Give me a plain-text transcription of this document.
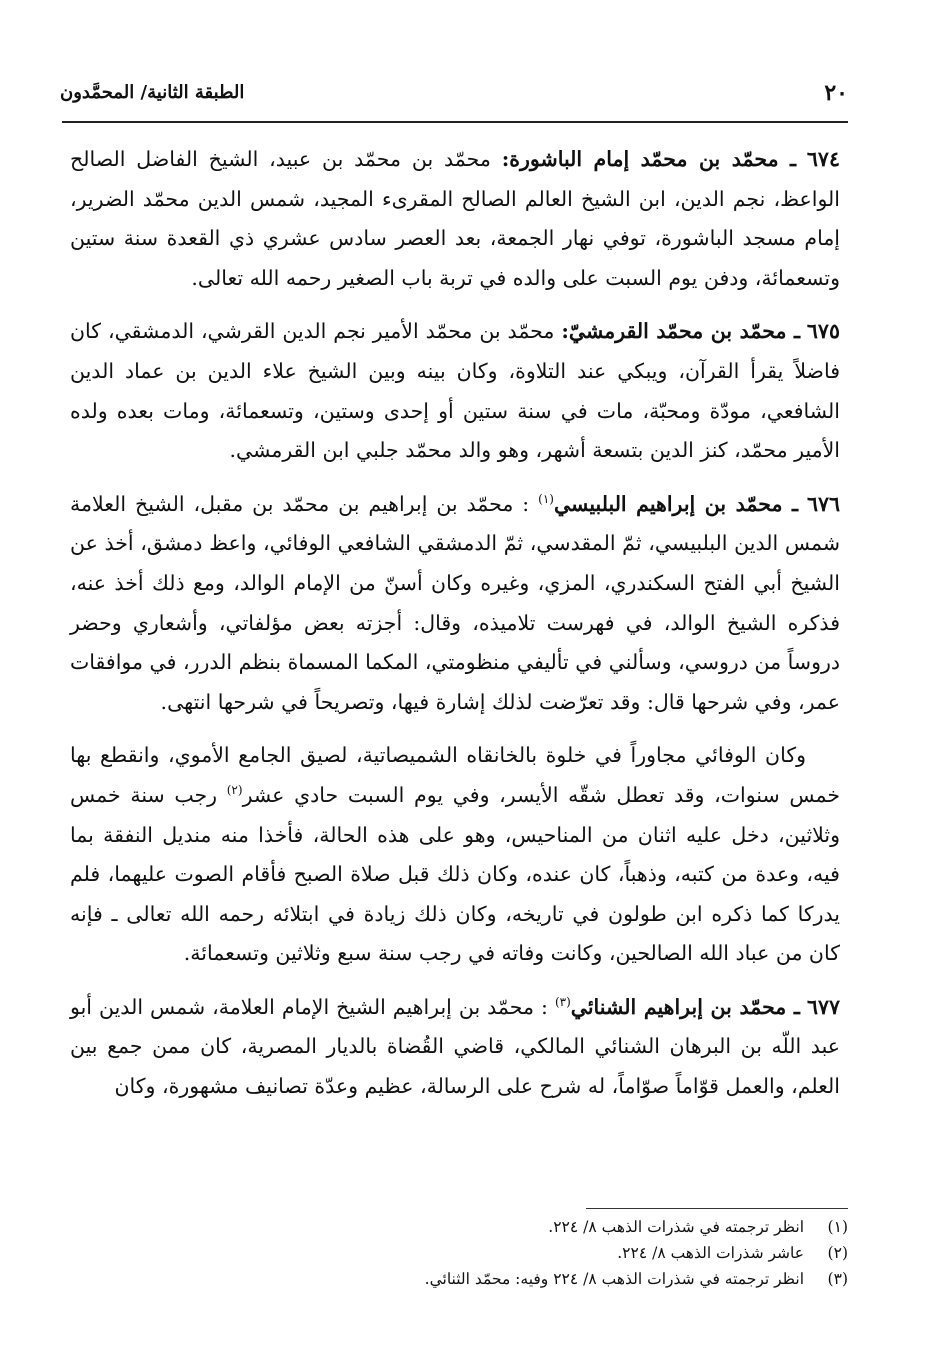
٢٠
الطبقة الثانية/ المحمَّدون

٦٧٤ ـ محمّد بن محمّد إمام الباشورة: محمّد بن محمّد بن عبيد، الشيخ الفاضل الصالح الواعظ، نجم الدين، ابن الشيخ العالم الصالح المقرىء المجيد، شمس الدين محمّد الضرير، إمام مسجد الباشورة، توفي نهار الجمعة، بعد العصر سادس عشري ذي القعدة سنة ستين وتسعمائة، ودفن يوم السبت على والده في تربة باب الصغير رحمه الله تعالى.

٦٧٥ ـ محمّد بن محمّد القرمشيّ: محمّد بن محمّد الأمير نجم الدين القرشي، الدمشقي، كان فاضلاً يقرأ القرآن، ويبكي عند التلاوة، وكان بينه وبين الشيخ علاء الدين بن عماد الدين الشافعي، مودّة ومحبّة، مات في سنة ستين أو إحدى وستين، وتسعمائة، ومات بعده ولده الأمير محمّد، كنز الدين بتسعة أشهر، وهو والد محمّد جلبي ابن القرمشي.

٦٧٦ ـ محمّد بن إبراهيم البلبيسي$^{(١)}$ : محمّد بن إبراهيم بن محمّد بن مقبل، الشيخ العلامة شمس الدين البلبيسي، ثمّ المقدسي، ثمّ الدمشقي الشافعي الوفائي، واعظ دمشق، أخذ عن الشيخ أبي الفتح السكندري، المزي، وغيره وكان أسنّ من الإمام الوالد، ومع ذلك أخذ عنه، فذكره الشيخ الوالد، في فهرست تلاميذه، وقال: أجزته بعض مؤلفاتي، وأشعاري وحضر دروساً من دروسي، وسألني في تأليفي منظومتي، المكما المسماة بنظم الدرر، في موافقات عمر، وفي شرحها قال: وقد تعرّضت لذلك إشارة فيها، وتصريحاً في شرحها انتهى.

وكان الوفائي مجاوراً في خلوة بالخانقاه الشميصاتية، لصيق الجامع الأموي، وانقطع بها خمس سنوات، وقد تعطل شقّه الأيسر، وفي يوم السبت حادي عشر$^{(٢)}$ رجب سنة خمس وثلاثين، دخل عليه اثنان من المناحيس، وهو على هذه الحالة، فأخذا منه منديل النفقة بما فيه، وعدة من كتبه، وذهباً، كان عنده، وكان ذلك قبل صلاة الصبح فأقام الصوت عليهما، فلم يدركا كما ذكره ابن طولون في تاريخه، وكان ذلك زيادة في ابتلائه رحمه الله تعالى ـ فإنه كان من عباد الله الصالحين، وكانت وفاته في رجب سنة سبع وثلاثين وتسعمائة.

٦٧٧ ـ محمّد بن إبراهيم الشنائي$^{(٣)}$ : محمّد بن إبراهيم الشيخ الإمام العلامة، شمس الدين أبو عبد اللّه بن البرهان الشنائي المالكي، قاضي القُضاة بالديار المصرية، كان ممن جمع بين العلم، والعمل قوّاماً صوّاماً، له شرح على الرسالة، عظيم وعدّة تصانيف مشهورة، وكان

(١)
انظر ترجمته في شذرات الذهب ٨/ ٢٢٤.
(٢)
عاشر شذرات الذهب ٨/ ٢٢٤.
(٣)
انظر ترجمته في شذرات الذهب ٨/ ٢٢٤ وفيه: محمّد الثنائي.
